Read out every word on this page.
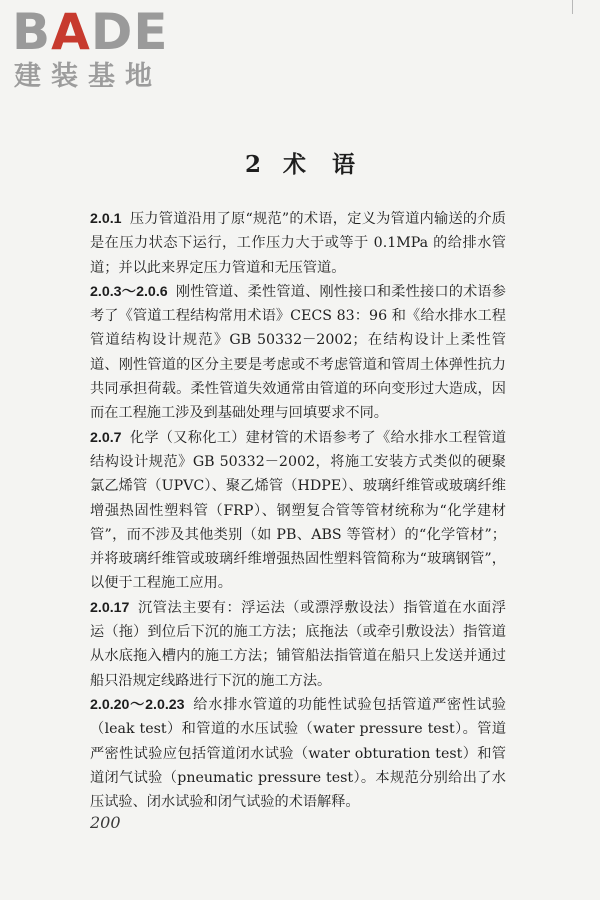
BADE
建装基地
2 术语

2.0.1 压力管道沿用了原“规范”的术语，定义为管道内输送的介质是在压力状态下运行，工作压力大于或等于 0.1MPa 的给排水管道；并以此来界定压力管道和无压管道。

2.0.3～2.0.6 刚性管道、柔性管道、刚性接口和柔性接口的术语参考了《管道工程结构常用术语》CECS 83：96 和《给水排水工程管道结构设计规范》GB 50332－2002；在结构设计上柔性管道、刚性管道的区分主要是考虑或不考虑管道和管周土体弹性抗力共同承担荷载。柔性管道失效通常由管道的环向变形过大造成，因而在工程施工涉及到基础处理与回填要求不同。

2.0.7 化学（又称化工）建材管的术语参考了《给水排水工程管道结构设计规范》GB 50332－2002，将施工安装方式类似的硬聚氯乙烯管（UPVC）、聚乙烯管（HDPE）、玻璃纤维管或玻璃纤维增强热固性塑料管（FRP）、钢塑复合管等管材统称为“化学建材管”，而不涉及其他类别（如 PB、ABS 等管材）的“化学管材”；并将玻璃纤维管或玻璃纤维增强热固性塑料管简称为“玻璃钢管”，以便于工程施工应用。

2.0.17 沉管法主要有：浮运法（或漂浮敷设法）指管道在水面浮运（拖）到位后下沉的施工方法；底拖法（或牵引敷设法）指管道从水底拖入槽内的施工方法；铺管船法指管道在船只上发送并通过船只沿规定线路进行下沉的施工方法。

2.0.20～2.0.23 给水排水管道的功能性试验包括管道严密性试验（leak test）和管道的水压试验（water pressure test）。管道严密性试验应包括管道闭水试验（water obturation test）和管道闭气试验（pneumatic pressure test）。本规范分别给出了水压试验、闭水试验和闭气试验的术语解释。

200
